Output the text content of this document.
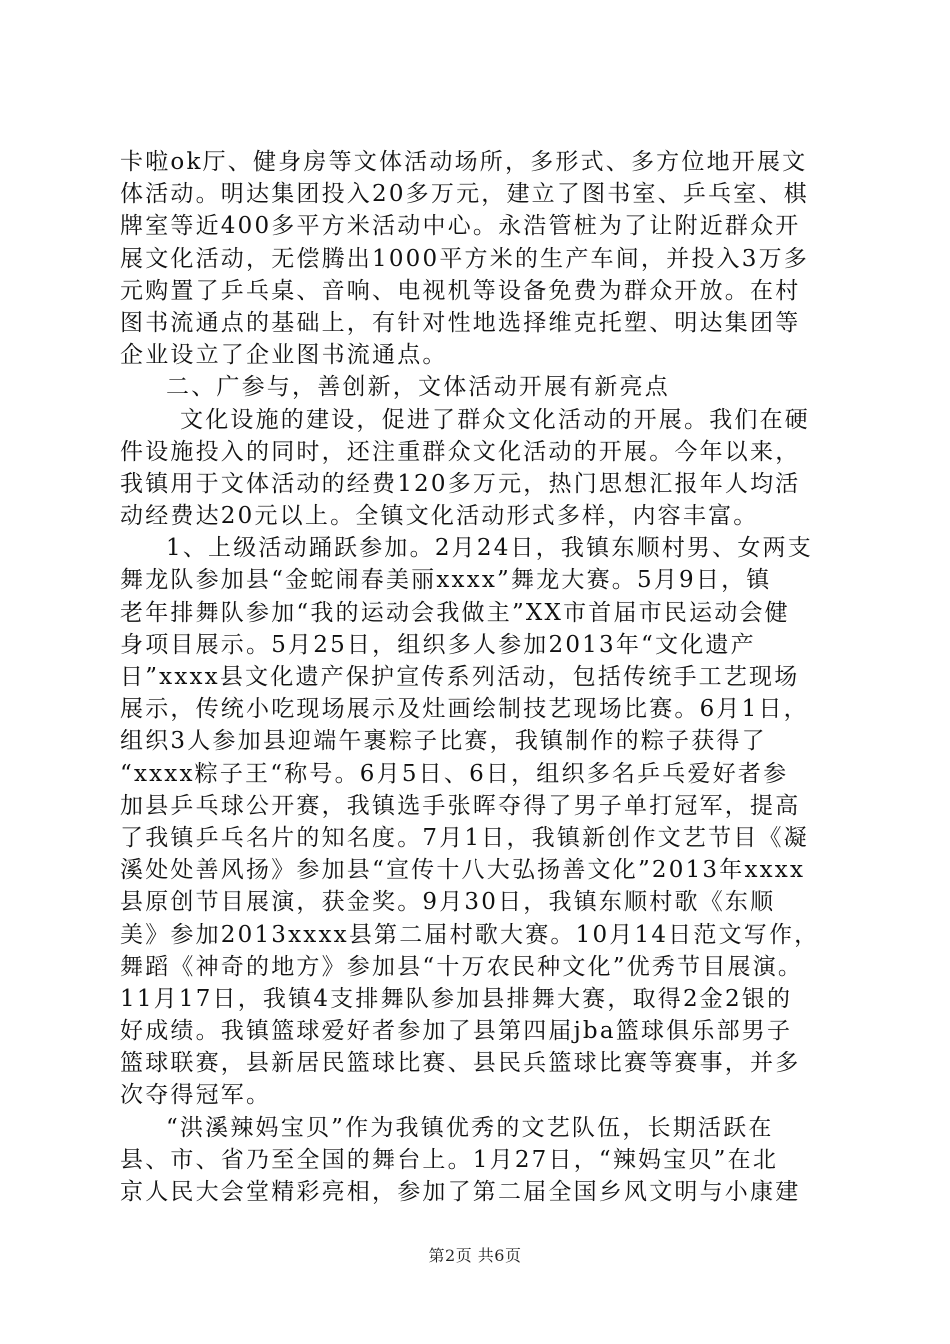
卡啦ok厅、健身房等文体活动场所，多形式、多方位地开展文
体活动。明达集团投入20多万元，建立了图书室、乒乓室、棋
牌室等近400多平方米活动中心。永浩管桩为了让附近群众开
展文化活动，无偿腾出1000平方米的生产车间，并投入3万多
元购置了乒乓桌、音响、电视机等设备免费为群众开放。在村
图书流通点的基础上，有针对性地选择维克托塑、明达集团等
企业设立了企业图书流通点。
二、广参与，善创新，文体活动开展有新亮点
文化设施的建设，促进了群众文化活动的开展。我们在硬
件设施投入的同时，还注重群众文化活动的开展。今年以来，
我镇用于文体活动的经费120多万元，热门思想汇报年人均活
动经费达20元以上。全镇文化活动形式多样，内容丰富。
1、上级活动踊跃参加。2月24日，我镇东顺村男、女两支
舞龙队参加县“金蛇闹春美丽xxxx”舞龙大赛。5月9日，镇
老年排舞队参加“我的运动会我做主”XX市首届市民运动会健
身项目展示。5月25日，组织多人参加2013年“文化遗产
日”xxxx县文化遗产保护宣传系列活动，包括传统手工艺现场
展示，传统小吃现场展示及灶画绘制技艺现场比赛。6月1日，
组织3人参加县迎端午裹粽子比赛，我镇制作的粽子获得了
“xxxx粽子王“称号。6月5日、6日，组织多名乒乓爱好者参
加县乒乓球公开赛，我镇选手张晖夺得了男子单打冠军，提高
了我镇乒乓名片的知名度。7月1日，我镇新创作文艺节目《凝
溪处处善风扬》参加县“宣传十八大弘扬善文化”2013年xxxx
县原创节目展演，获金奖。9月30日，我镇东顺村歌《东顺
美》参加2013xxxx县第二届村歌大赛。10月14日范文写作，
舞蹈《神奇的地方》参加县“十万农民种文化”优秀节目展演。
11月17日，我镇4支排舞队参加县排舞大赛，取得2金2银的
好成绩。我镇篮球爱好者参加了县第四届jba篮球俱乐部男子
篮球联赛，县新居民篮球比赛、县民兵篮球比赛等赛事，并多
次夺得冠军。
“洪溪辣妈宝贝”作为我镇优秀的文艺队伍，长期活跃在
县、市、省乃至全国的舞台上。1月27日，“辣妈宝贝”在北
京人民大会堂精彩亮相，参加了第二届全国乡风文明与小康建
第2页 共6页
